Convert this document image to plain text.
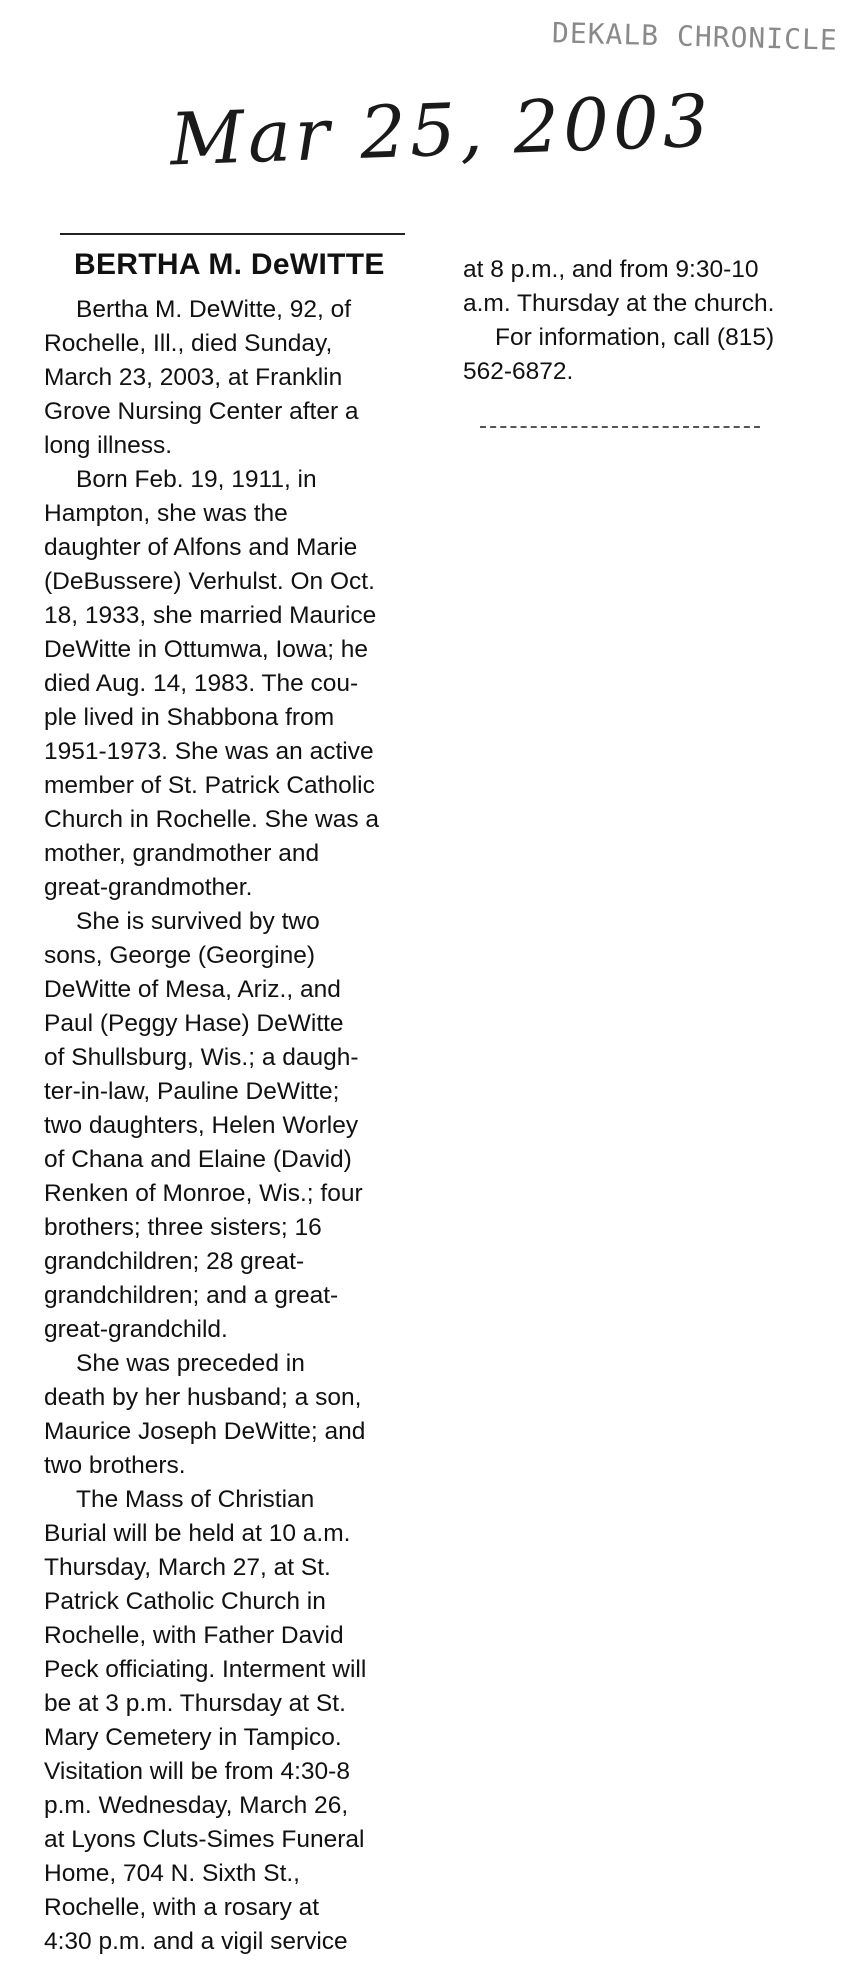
DEKALB CHRONICLE
Mar 25, 2003
BERTHA M. DeWITTE
Bertha M. DeWitte, 92, of
Rochelle, Ill., died Sunday,
March 23, 2003, at Franklin
Grove Nursing Center after a
long illness.
Born Feb. 19, 1911, in
Hampton, she was the
daughter of Alfons and Marie
(DeBussere) Verhulst. On Oct.
18, 1933, she married Maurice
DeWitte in Ottumwa, Iowa; he
died Aug. 14, 1983. The cou-
ple lived in Shabbona from
1951-1973. She was an active
member of St. Patrick Catholic
Church in Rochelle. She was a
mother, grandmother and
great-grandmother.
She is survived by two
sons, George (Georgine)
DeWitte of Mesa, Ariz., and
Paul (Peggy Hase) DeWitte
of Shullsburg, Wis.; a daugh-
ter-in-law, Pauline DeWitte;
two daughters, Helen Worley
of Chana and Elaine (David)
Renken of Monroe, Wis.; four
brothers; three sisters; 16
grandchildren; 28 great-
grandchildren; and a great-
great-grandchild.
She was preceded in
death by her husband; a son,
Maurice Joseph DeWitte; and
two brothers.
The Mass of Christian
Burial will be held at 10 a.m.
Thursday, March 27, at St.
Patrick Catholic Church in
Rochelle, with Father David
Peck officiating. Interment will
be at 3 p.m. Thursday at St.
Mary Cemetery in Tampico.
Visitation will be from 4:30-8
p.m. Wednesday, March 26,
at Lyons Cluts-Simes Funeral
Home, 704 N. Sixth St.,
Rochelle, with a rosary at
4:30 p.m. and a vigil service
at 8 p.m., and from 9:30-10
a.m. Thursday at the church.
For information, call (815)
562-6872.
